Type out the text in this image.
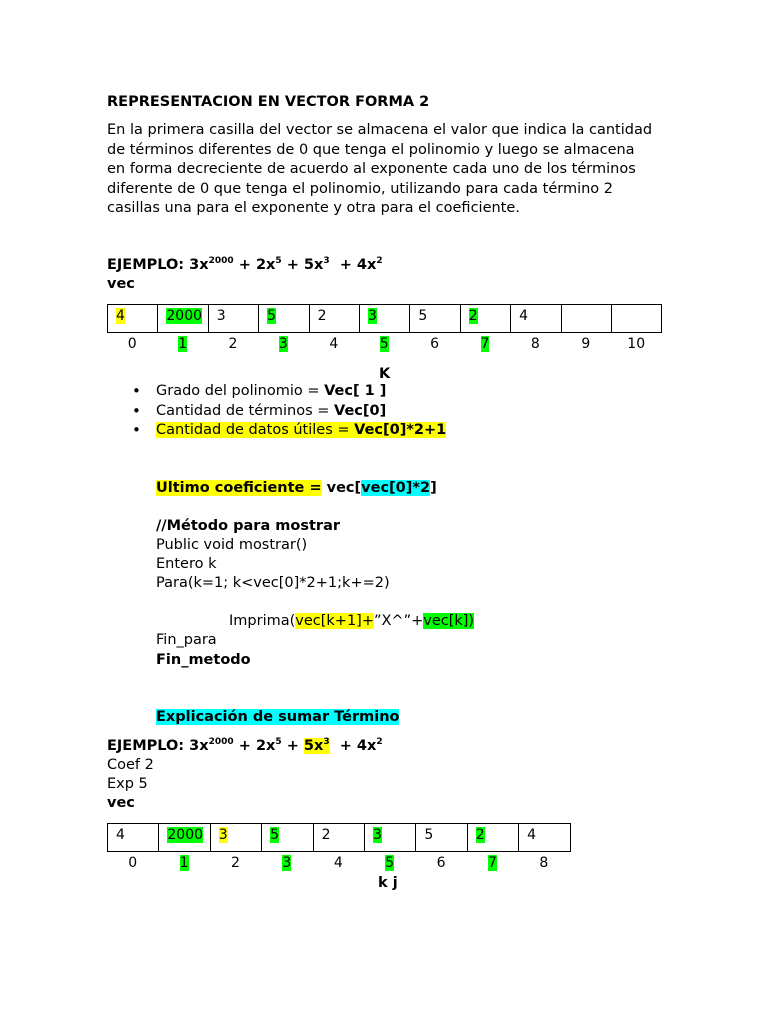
REPRESENTACION EN VECTOR FORMA 2
En la primera casilla del vector se almacena el valor que indica la cantidad
de términos diferentes de 0 que tenga el polinomio y luego se almacena
en forma decreciente de acuerdo al exponente cada uno de los términos
diferente de 0 que tenga el polinomio, utilizando para cada término 2
casillas una para el exponente y otra para el coeficiente.
EJEMPLO: $3x^{2000} + 2x^5 + 5x^3 + 4x^2$
vec
4	2000	3	5	2	3	5	2	4		
0	1	2	3	4	5	6	7	8	9	10
K
• Grado del polinomio = Vec[ 1 ]
• Cantidad de términos = Vec[0]
• Cantidad de datos útiles = Vec[0]*2+1
Ultimo coeficiente = vec[vec[0]*2]
//Método para mostrar
Public void mostrar()
Entero k
Para(k=1; k<vec[0]*2+1;k+=2)
Imprima(vec[k+1]+”X^”+vec[k])
Fin_para
Fin_metodo
Explicación de sumar Término
EJEMPLO: $3x^{2000} + 2x^5 + 5x^3 + 4x^2$
Coef 2
Exp 5
vec
4	2000	3	5	2	3	5	2	4
0	1	2	3	4	5	6	7	8
k j
